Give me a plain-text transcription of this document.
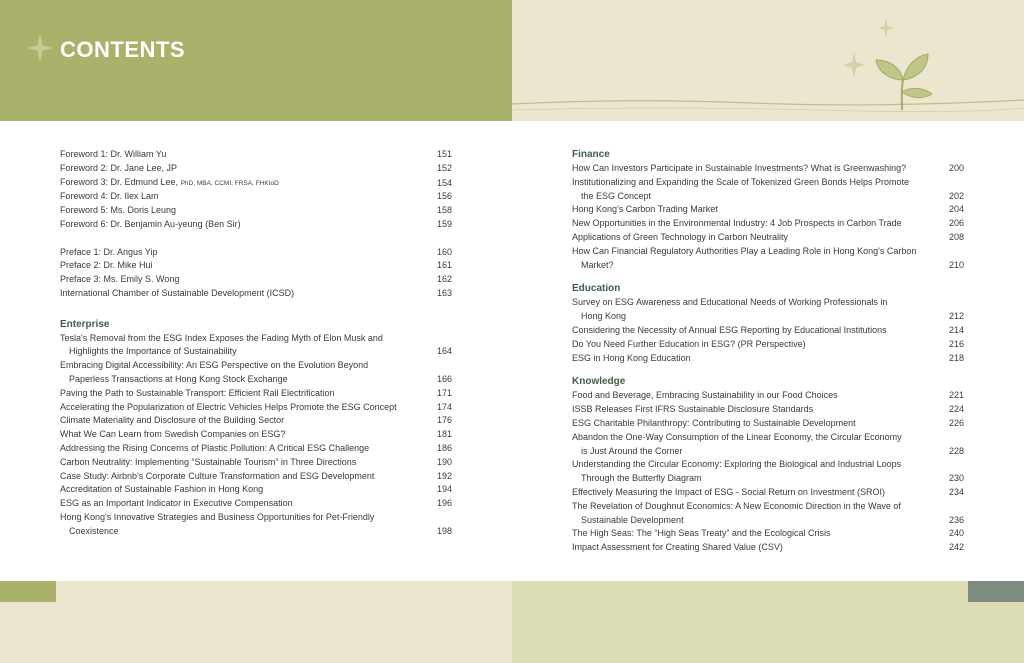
CONTENTS
Foreword 1: Dr. William Yu	151
Foreword 2: Dr. Jane Lee, JP	152
Foreword 3: Dr. Edmund Lee, PhD, MBA, CCMI, FRSA, FHKIoD	154
Foreword 4: Dr. Ilex Lam	156
Foreword 5: Ms. Doris Leung	158
Foreword 6: Dr. Benjamin Au-yeung (Ben Sir)	159
Preface 1: Dr. Angus Yip	160
Preface 2: Dr. Mike Hui	161
Preface 3: Ms. Emily S. Wong	162
International Chamber of Sustainable Development (ICSD)	163
Enterprise
Tesla's Removal from the ESG Index Exposes the Fading Myth of Elon Musk and
Highlights the Importance of Sustainability	164
Embracing Digital Accessibility: An ESG Perspective on the Evolution Beyond
Paperless Transactions at Hong Kong Stock Exchange	166
Paving the Path to Sustainable Transport: Efficient Rail Electrification	171
Accelerating the Popularization of Electric Vehicles Helps Promote the ESG Concept	174
Climate Materiality and Disclosure of the Building Sector	176
What We Can Learn from Swedish Companies on ESG?	181
Addressing the Rising Concerns of Plastic Pollution: A Critical ESG Challenge	186
Carbon Neutrality: Implementing “Sustainable Tourism” in Three Directions	190
Case Study: Airbnb's Corporate Culture Transformation and ESG Development	192
Accreditation of Sustainable Fashion in Hong Kong	194
ESG as an Important Indicator in Executive Compensation	196
Hong Kong's Innovative Strategies and Business Opportunities for Pet-Friendly
Coexistence	198
Finance
How Can Investors Participate in Sustainable Investments? What is Greenwashing?	200
Institutionalizing and Expanding the Scale of Tokenized Green Bonds Helps Promote
the ESG Concept	202
Hong Kong's Carbon Trading Market	204
New Opportunities in the Environmental Industry: 4 Job Prospects in Carbon Trade	206
Applications of Green Technology in Carbon Neutrality	208
How Can Financial Regulatory Authorities Play a Leading Role in Hong Kong's Carbon
Market?	210
Education
Survey on ESG Awareness and Educational Needs of Working Professionals in
Hong Kong	212
Considering the Necessity of Annual ESG Reporting by Educational Institutions	214
Do You Need Further Education in ESG? (PR Perspective)	216
ESG in Hong Kong Education	218
Knowledge
Food and Beverage, Embracing Sustainability in our Food Choices	221
ISSB Releases First IFRS Sustainable Disclosure Standards	224
ESG Charitable Philanthropy: Contributing to Sustainable Development	226
Abandon the One-Way Consumption of the Linear Economy, the Circular Economy
is Just Around the Corner	228
Understanding the Circular Economy: Exploring the Biological and Industrial Loops
Through the Butterfly Diagram	230
Effectively Measuring the Impact of ESG - Social Return on Investment (SROI)	234
The Revelation of Doughnut Economics: A New Economic Direction in the Wave of
Sustainable Development	236
The High Seas: The “High Seas Treaty” and the Ecological Crisis	240
Impact Assessment for Creating Shared Value (CSV)	242
